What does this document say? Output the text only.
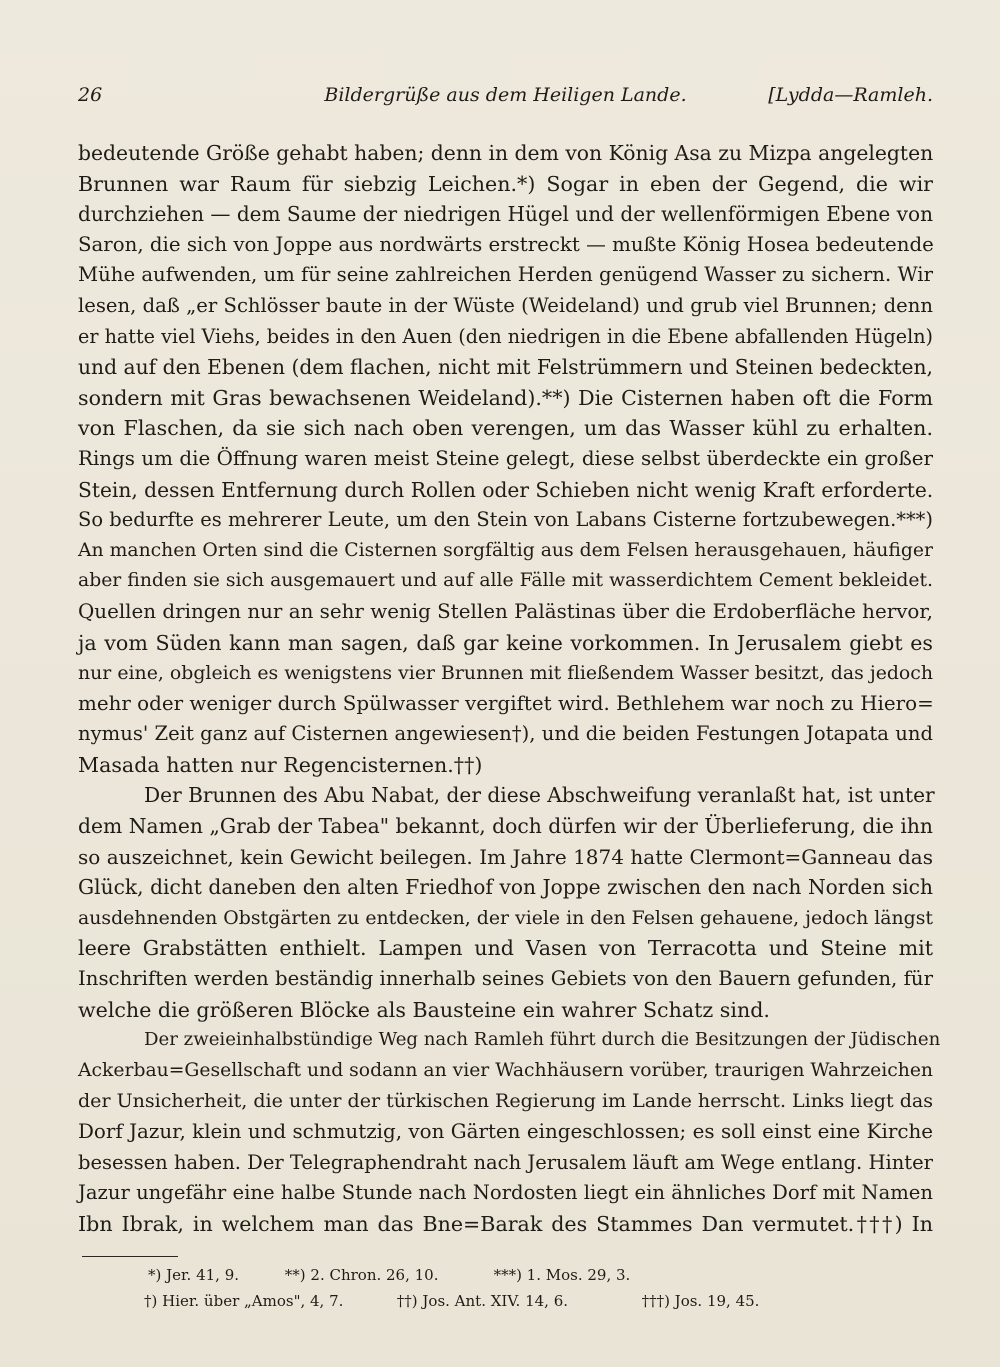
26	Bildergrüße aus dem Heiligen Lande.	[Lydda—Ramleh.
bedeutende Größe gehabt haben; denn in dem von König Asa zu Mizpa angelegten
Brunnen war Raum für siebzig Leichen.*) Sogar in eben der Gegend, die wir
durchziehen — dem Saume der niedrigen Hügel und der wellenförmigen Ebene von
Saron, die sich von Joppe aus nordwärts erstreckt — mußte König Hosea bedeutende
Mühe aufwenden, um für seine zahlreichen Herden genügend Wasser zu sichern. Wir
lesen, daß „er Schlösser baute in der Wüste (Weideland) und grub viel Brunnen; denn
er hatte viel Viehs, beides in den Auen (den niedrigen in die Ebene abfallenden Hügeln)
und auf den Ebenen (dem flachen, nicht mit Felstrümmern und Steinen bedeckten,
sondern mit Gras bewachsenen Weideland).**) Die Cisternen haben oft die Form
von Flaschen, da sie sich nach oben verengen, um das Wasser kühl zu erhalten.
Rings um die Öffnung waren meist Steine gelegt, diese selbst überdeckte ein großer
Stein, dessen Entfernung durch Rollen oder Schieben nicht wenig Kraft erforderte.
So bedurfte es mehrerer Leute, um den Stein von Labans Cisterne fortzubewegen.***)
An manchen Orten sind die Cisternen sorgfältig aus dem Felsen herausgehauen, häufiger
aber finden sie sich ausgemauert und auf alle Fälle mit wasserdichtem Cement bekleidet.
Quellen dringen nur an sehr wenig Stellen Palästinas über die Erdoberfläche hervor,
ja vom Süden kann man sagen, daß gar keine vorkommen. In Jerusalem giebt es
nur eine, obgleich es wenigstens vier Brunnen mit fließendem Wasser besitzt, das jedoch
mehr oder weniger durch Spülwasser vergiftet wird. Bethlehem war noch zu Hiero=
nymus' Zeit ganz auf Cisternen angewiesen†), und die beiden Festungen Jotapata und
Masada hatten nur Regencisternen.††)
Der Brunnen des Abu Nabat, der diese Abschweifung veranlaßt hat, ist unter
dem Namen „Grab der Tabea" bekannt, doch dürfen wir der Überlieferung, die ihn
so auszeichnet, kein Gewicht beilegen. Im Jahre 1874 hatte Clermont=Ganneau das
Glück, dicht daneben den alten Friedhof von Joppe zwischen den nach Norden sich
ausdehnenden Obstgärten zu entdecken, der viele in den Felsen gehauene, jedoch längst
leere Grabstätten enthielt. Lampen und Vasen von Terracotta und Steine mit
Inschriften werden beständig innerhalb seines Gebiets von den Bauern gefunden, für
welche die größeren Blöcke als Bausteine ein wahrer Schatz sind.
Der zweieinhalbstündige Weg nach Ramleh führt durch die Besitzungen der Jüdischen
Ackerbau=Gesellschaft und sodann an vier Wachhäusern vorüber, traurigen Wahrzeichen
der Unsicherheit, die unter der türkischen Regierung im Lande herrscht. Links liegt das
Dorf Jazur, klein und schmutzig, von Gärten eingeschlossen; es soll einst eine Kirche
besessen haben. Der Telegraphendraht nach Jerusalem läuft am Wege entlang. Hinter
Jazur ungefähr eine halbe Stunde nach Nordosten liegt ein ähnliches Dorf mit Namen
Ibn Ibrak, in welchem man das Bne=Barak des Stammes Dan vermutet.†††) In
*) Jer. 41, 9.	**) 2. Chron. 26, 10.	***) 1. Mos. 29, 3.
†) Hier. über „Amos", 4, 7.	††) Jos. Ant. XIV. 14, 6.	†††) Jos. 19, 45.
